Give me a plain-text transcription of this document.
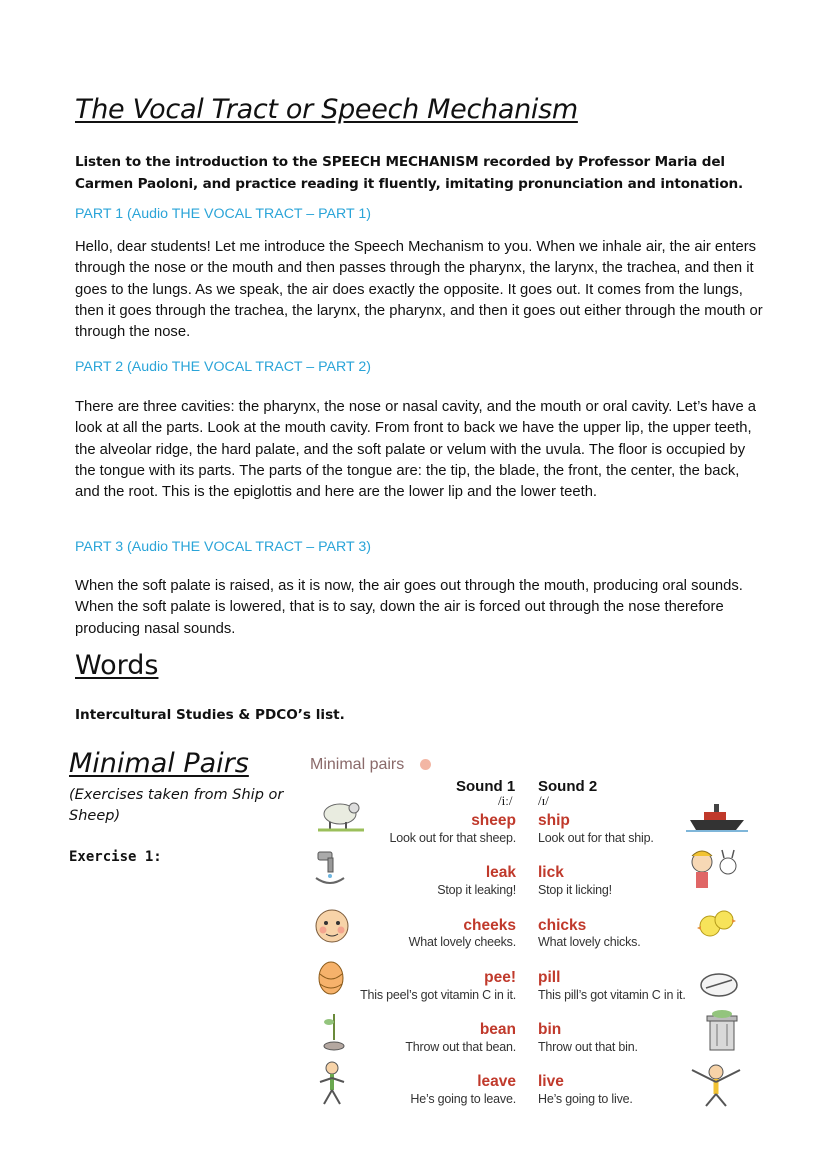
The Vocal Tract or Speech Mechanism

Listen to the introduction to the SPEECH MECHANISM recorded by Professor Maria del Carmen Paoloni, and practice reading it fluently, imitating pronunciation and intonation.

PART 1 (Audio THE VOCAL TRACT – PART 1)

Hello, dear students! Let me introduce the Speech Mechanism to you. When we inhale air, the air enters through the nose or the mouth and then passes through the pharynx, the larynx, the trachea, and then it goes to the lungs. As we speak, the air does exactly the opposite. It goes out. It comes from the lungs, then it goes through the trachea, the larynx, the pharynx, and then it goes out either through the mouth or through the nose.

PART 2 (Audio THE VOCAL TRACT – PART 2)

There are three cavities: the pharynx, the nose or nasal cavity, and the mouth or oral cavity. Let’s have a look at all the parts. Look at the mouth cavity. From front to back we have the upper lip, the upper teeth, the alveolar ridge, the hard palate, and the soft palate or velum with the uvula. The floor is occupied by the tongue with its parts. The parts of the tongue are: the tip, the blade, the front, the center, the back, and the root. This is the epiglottis and here are the lower lip and the lower teeth.

PART 3 (Audio THE VOCAL TRACT – PART 3)

When the soft palate is raised, as it is now, the air goes out through the mouth, producing oral sounds. When the soft palate is lowered, that is to say, down the air is forced out through the nose therefore producing nasal sounds.

Words

Intercultural Studies & PDCO’s list.

Minimal Pairs

(Exercises taken from Ship or Sheep)

Exercise 1:

Minimal pairs
Sound 1 Sound 2
/iː/ /ɪ/
sheep ship
Look out for that sheep. Look out for that ship.
leak lick
Stop it leaking! Stop it licking!
cheeks chicks
What lovely cheeks. What lovely chicks.
pee! pill
This peel’s got vitamin C in it. This pill’s got vitamin C in it.
bean bin
Throw out that bean. Throw out that bin.
leave live
He’s going to leave. He’s going to live.
